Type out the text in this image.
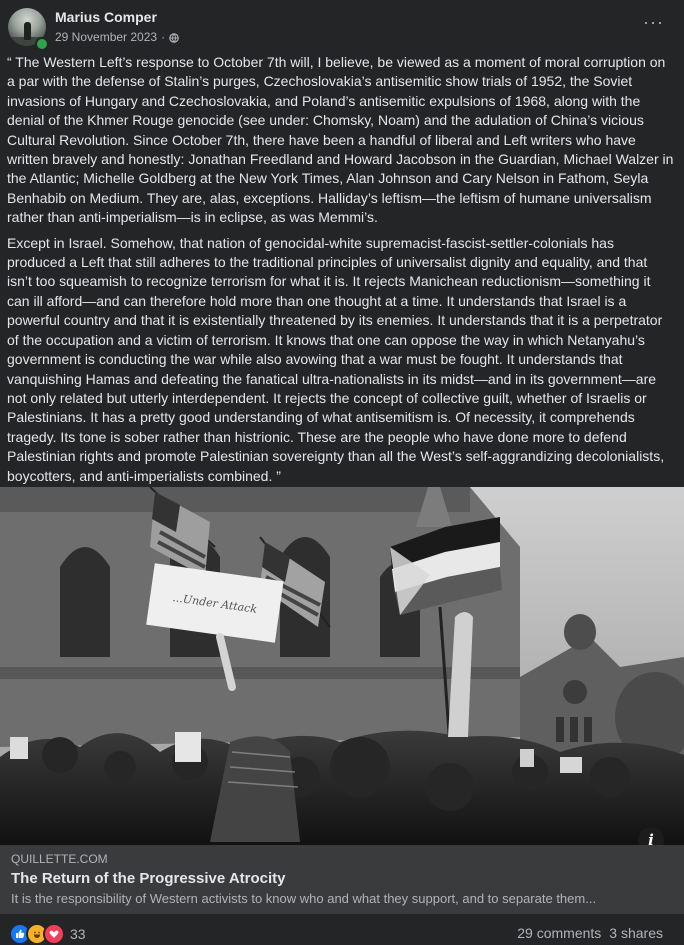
Marius Comper
29 November 2023 ·
···

“ The Western Left’s response to October 7th will, I believe, be viewed as a moment of moral corruption on a par with the defense of Stalin’s purges, Czechoslovakia’s antisemitic show trials of 1952, the Soviet invasions of Hungary and Czechoslovakia, and Poland’s antisemitic expulsions of 1968, along with the denial of the Khmer Rouge genocide (see under: Chomsky, Noam) and the adulation of China’s vicious Cultural Revolution. Since October 7th, there have been a handful of liberal and Left writers who have written bravely and honestly: Jonathan Freedland and Howard Jacobson in the Guardian, Michael Walzer in the Atlantic; Michelle Goldberg at the New York Times, Alan Johnson and Cary Nelson in Fathom, Seyla Benhabib on Medium. They are, alas, exceptions. Halliday’s leftism—the leftism of humane universalism rather than anti-imperialism—is in eclipse, as was Memmi’s.

Except in Israel. Somehow, that nation of genocidal-white supremacist-fascist-settler-colonials has produced a Left that still adheres to the traditional principles of universalist dignity and equality, and that isn’t too squeamish to recognize terrorism for what it is. It rejects Manichean reductionism—something it can ill afford—and can therefore hold more than one thought at a time. It understands that Israel is a powerful country and that it is existentially threatened by its enemies. It understands that it is a perpetrator of the occupation and a victim of terrorism. It knows that one can oppose the way in which Netanyahu’s government is conducting the war while also avowing that a war must be fought. It understands that vanquishing Hamas and defeating the fanatical ultra-nationalists in its midst—and in its government—are not only related but utterly interdependent. It rejects the concept of collective guilt, whether of Israelis or Palestinians. It has a pretty good understanding of what antisemitism is. Of necessity, it comprehends tragedy. Its tone is sober rather than histrionic. These are the people who have done more to defend Palestinian rights and promote Palestinian sovereignty than all the West’s self-aggrandizing decolonialists, boycotters, and anti-imperialists combined. ”

...Under Attack
i
QUILLETTE.COM
The Return of the Progressive Atrocity
It is the responsibility of Western activists to know who and what they support, and to separate them...
33	29 comments 3 shares
